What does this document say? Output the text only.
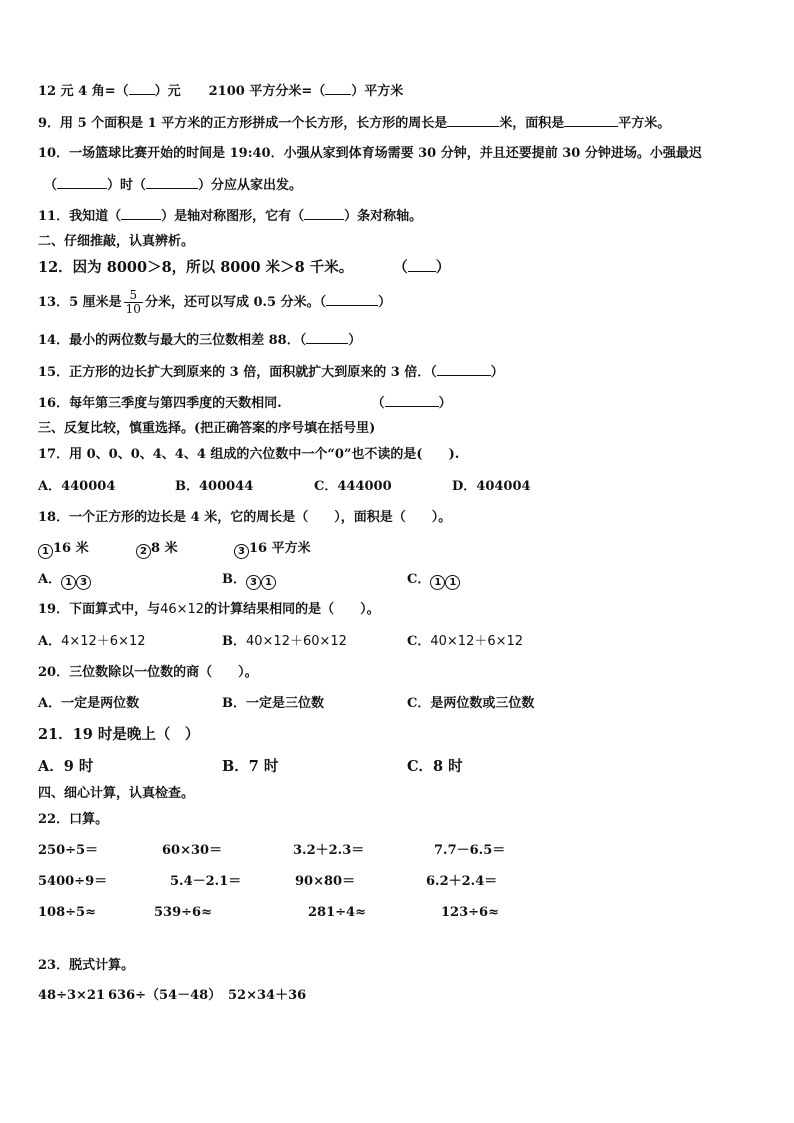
12 元 4 角=（ ）元 2100 平方分米=（ ）平方米
9．用 5 个面积是 1 平方米的正方形拼成一个长方形，长方形的周长是	米，面积是	平方米。
10．一场篮球比赛开始的时间是 19:40．小强从家到体育场需要 30 分钟，并且还要提前 30 分钟进场。小强最迟
（	）时（	）分应从家出发。
11．我知道（	）是轴对称图形，它有（	）条对称轴。
二、仔细推敲，认真辨析。
12．因为 8000＞8，所以 8000 米＞8 千米。	（ ）
13．5 厘米是 $\frac{5}{10}$ 分米，还可以写成 0.5 分米。（	）
14．最小的两位数与最大的三位数相差 88．（	）
15．正方形的边长扩大到原来的 3 倍，面积就扩大到原来的 3 倍．（	）
16．每年第三季度与第四季度的天数相同.	（	）
三、反复比较，慎重选择。(把正确答案的序号填在括号里)
17．用 0、0、0、4、4、4 组成的六位数中一个“0”也不读的是(　　).
A．440004	B．400044	C．444000	D．404004
18．一个正方形的边长是 4 米，它的周长是（　　），面积是（　　）。
1 16 米	2 8 米	3 16 平方米
A． 1 3	B． 3 1	C． 1 1
19．下面算式中，与46×12的计算结果相同的是（　　）。
A．4×12＋6×12	B．40×12＋60×12	C．40×12＋6×12
20．三位数除以一位数的商（　　）。
A．一定是两位数	B．一定是三位数	C．是两位数或三位数
21．19 时是晚上（　）
A．9 时	B．7 时	C．8 时
四、细心计算，认真检查。
22．口算。
250÷5＝	60×30＝	3.2＋2.3＝	7.7－6.5＝
5400÷9＝	5.4－2.1＝	90×80＝	6.2＋2.4＝
108÷5≈	539÷6≈	281÷4≈	123÷6≈
23．脱式计算。
48÷3×21 636÷（54－48） 52×34＋36
